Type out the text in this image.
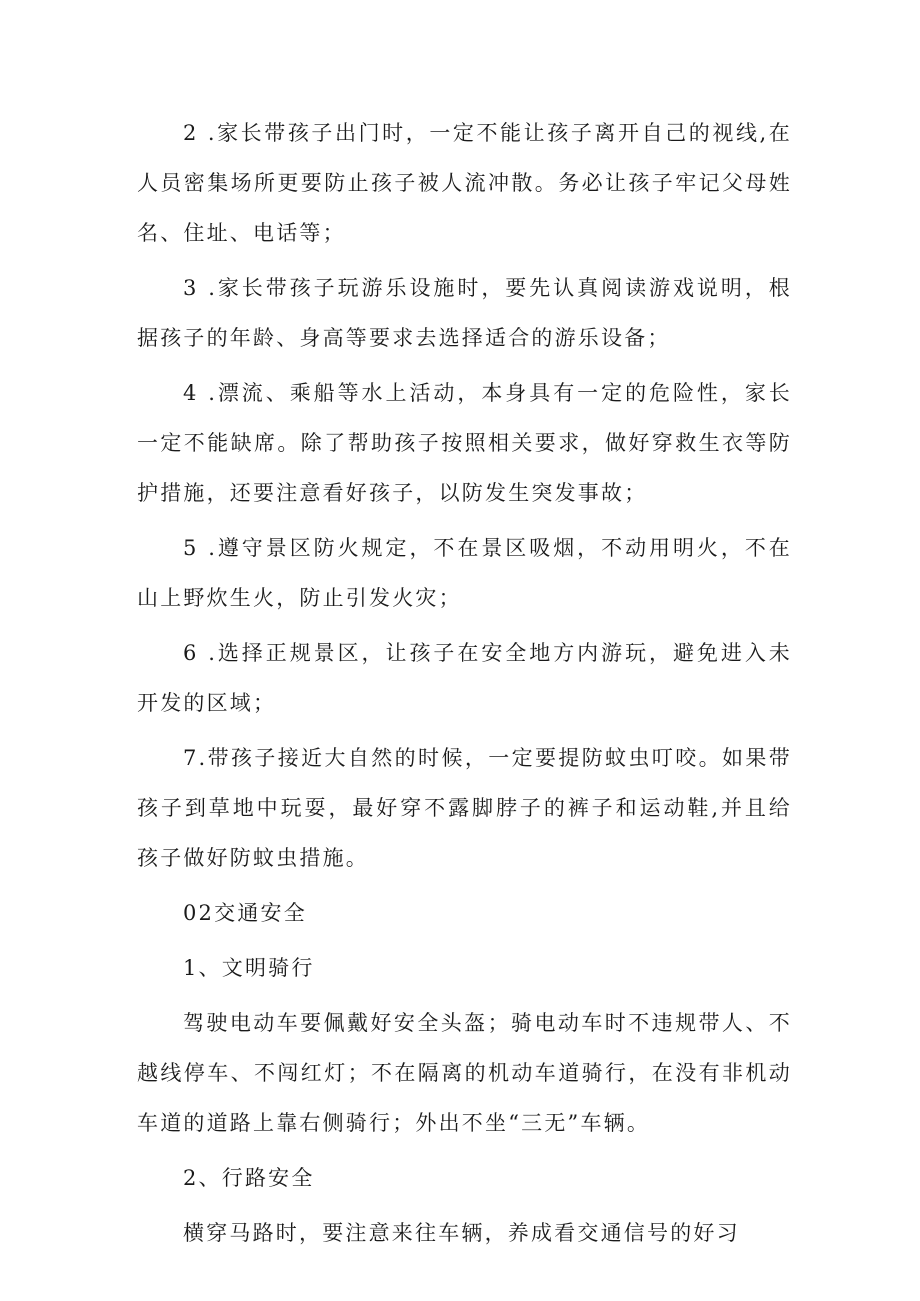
2 .家长带孩子出门时，一定不能让孩子离开自己的视线,在人员密集场所更要防止孩子被人流冲散。务必让孩子牢记父母姓名、住址、电话等；

3 .家长带孩子玩游乐设施时，要先认真阅读游戏说明，根据孩子的年龄、身高等要求去选择适合的游乐设备；

4 .漂流、乘船等水上活动，本身具有一定的危险性，家长一定不能缺席。除了帮助孩子按照相关要求，做好穿救生衣等防护措施，还要注意看好孩子，以防发生突发事故；

5 .遵守景区防火规定，不在景区吸烟，不动用明火，不在山上野炊生火，防止引发火灾；

6 .选择正规景区，让孩子在安全地方内游玩，避免进入未开发的区域；

7.带孩子接近大自然的时候，一定要提防蚊虫叮咬。如果带孩子到草地中玩耍，最好穿不露脚脖子的裤子和运动鞋,并且给孩子做好防蚊虫措施。

02交通安全

1、文明骑行

驾驶电动车要佩戴好安全头盔；骑电动车时不违规带人、不越线停车、不闯红灯；不在隔离的机动车道骑行，在没有非机动车道的道路上靠右侧骑行；外出不坐“三无”车辆。

2、行路安全

横穿马路时，要注意来往车辆，养成看交通信号的好习
